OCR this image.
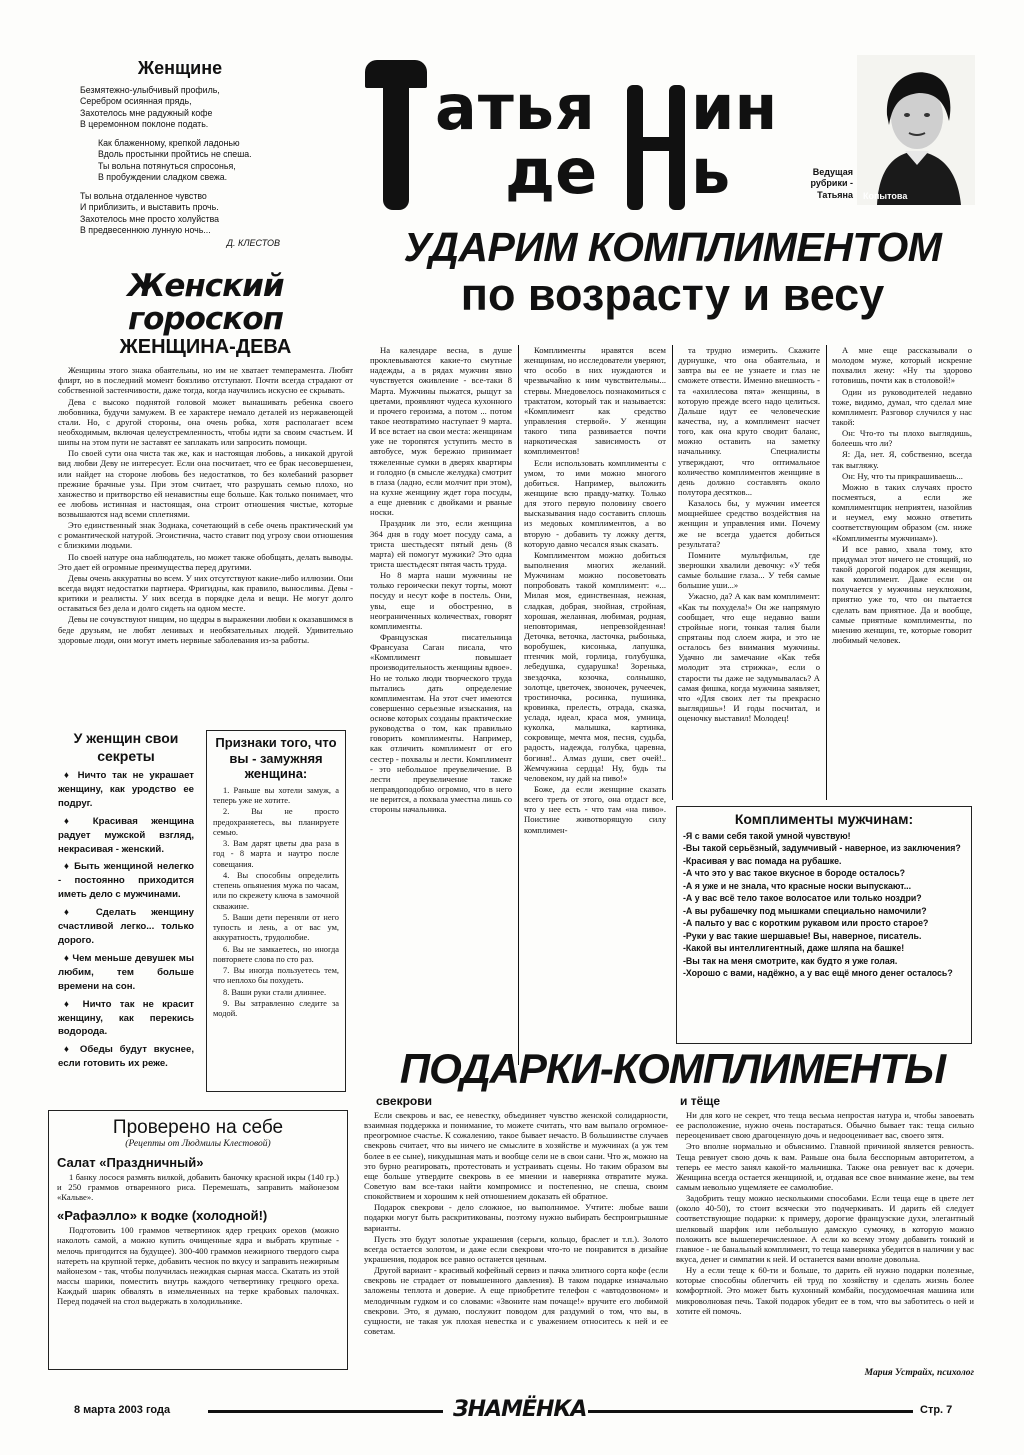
Женщине

Безмятежно-улыбчивый профиль,

Серебром осиянная прядь,

Захотелось мне радужный кофе

В церемонном поклоне подать.

Как блаженному, крепкой ладонью

Вдоль простынки пройтись не спеша.

Ты вольна потянуться спросонья,

В пробуждении сладком свежа.

Ты вольна отдаленное чувство

И приблизить, и выставить прочь.

Захотелось мне просто холуйства

В предвесеннюю лунную ночь...

Д. КЛЕСТОВ
атья ин
де ь	Ведущая
рубрики -
Татьяна Копытова
УДАРИМ КОМПЛИМЕНТОМ
по возрасту и весу
Женский гороскоп
ЖЕНЩИНА-ДЕВА

Женщины этого знака обаятельны, но им не хватает темперамента. Любят флирт, но в последний момент боязливо отступают. Почти всегда страдают от собственной застенчивости, даже тогда, когда научились искусно ее скрывать.

Дева с высоко поднятой головой может вынашивать ребенка своего любовника, будучи замужем. В ее характере немало деталей из нержавеющей стали. Но, с другой стороны, она очень робка, хотя располагает всем необходимым, включая целеустремленность, чтобы идти за своим счастьем. И шипы на этом пути не заставят ее заплакать или запросить помощи.

По своей сути она чиста так же, как и настоящая любовь, а никакой другой вид любви Деву не интересует. Если она посчитает, что ее брак несовершенен, или найдет на стороне любовь без недостатков, то без колебаний разорвет прежние брачные узы. При этом считает, что разрушать семью плохо, но ханжество и притворство ей ненавистны еще больше. Как только понимает, что ее любовь истинная и настоящая, она строит отношения чистые, которые возвышаются над всеми сплетнями.

Это единственный знак Зодиака, сочетающий в себе очень практический ум с романтической натурой. Эгоистична, часто ставит под угрозу свои отношения с близкими людьми.

По своей натуре она наблюдатель, но может также обобщать, делать выводы. Это дает ей огромные преимущества перед другими.

Девы очень аккуратны во всем. У них отсутствуют какие-либо иллюзии. Они всегда видят недостатки партнера. Фригидны, как правило, выносливы. Девы - критики и реалисты. У них всегда в порядке дела и вещи. Не могут долго оставаться без дела и долго сидеть на одном месте.

Девы не сочувствуют нищим, но щедры в выражении любви к оказавшимся в беде друзьям, не любят ленивых и необязательных людей. Удивительно здоровые люди, они могут иметь нервные заболевания из-за работы.

У женщин свои секреты
♦ Ничто так не украшает женщину, как уродство ее подруг.
♦ Красивая женщина радует мужской взгляд, некрасивая - женский.
♦ Быть женщиной нелегко - постоянно приходится иметь дело с мужчинами.
♦ Сделать женщину счастливой легко... только дорого.
♦ Чем меньше девушек мы любим, тем больше времени на сон.
♦ Ничто так не красит женщину, как перекись водорода.
♦ Обеды будут вкуснее, если готовить их реже.
Признаки того, что вы - замужняя женщина:

1. Раньше вы хотели замуж, а теперь уже не хотите.

2. Вы не просто предохраняетесь, вы планируете семью.

3. Вам дарят цветы два раза в год - 8 марта и наутро после совещания.

4. Вы способны определить степень опьянения мужа по часам, или по скрежету ключа в замочной скважине.

5. Ваши дети переняли от него тупость и лень, а от вас ум, аккуратность, трудолюбие.

6. Вы не замкаетесь, но иногда повторяете слова по сто раз.

7. Вы иногда пользуетесь тем, что неплохо бы похудеть.

8. Ваши руки стали длиннее.

9. Вы затравленно следите за модой.

Проверено на себе
(Рецепты от Людмилы Клестовой)
Салат «Праздничный»

1 банку лосося размять вилкой, добавить баночку красной икры (140 гр.) и 250 граммов отваренного риса. Перемешать, заправить майонезом «Кальве».

«Рафаэлло» к водке (холодной!)

Подготовить 100 граммов четвертинок ядер грецких орехов (можно наколоть самой, а можно купить очищенные ядра и выбрать крупные - мелочь пригодится на будущее). 300-400 граммов нежирного твердого сыра натереть на крупной терке, добавить чеснок по вкусу и заправить нежирным майонезом - так, чтобы получилась нежидкая сырная масса. Скатать из этой массы шарики, поместить внутрь каждого четвертинку грецкого ореха. Каждый шарик обвалять в измельченных на терке крабовых палочках. Перед подачей на стол выдержать в холодильнике.

На календаре весна, в душе проклевываются какие-то смутные надежды, а в рядах мужчин явно чувствуется оживление - все-таки 8 Марта. Мужчины пыжатся, рыщут за цветами, проявляют чудеса кухонного и прочего героизма, а потом ... потом такое неотвратимо наступает 9 марта. И все встает на свои места: женщинам уже не торопятся уступить место в автобусе, муж бережно принимает тяжеленные сумки в дверях квартиры и голодно (в смысле желудка) смотрит в глаза (ладно, если молчит при этом), на кухне женщину ждет гора посуды, а еще дневник с двойками и рваные носки.

Праздник ли это, если женщина 364 дня в году моет посуду сама, а триста шестьдесят пятый день (8 марта) ей помогут мужики? Это одна триста шестьдесят пятая часть труда.

Но 8 марта наши мужчины не только героически пекут торты, моют посуду и несут кофе в постель. Они, увы, еще и обостренно, в неограниченных количествах, говорят комплименты.

Французская писательница Франсуаза Саган писала, что «Комплимент повышает производительность женщины вдвое». Но не только люди творческого труда пытались дать определение комплиментам. На этот счет имеются совершенно серьезные изыскания, на основе которых созданы практические руководства о том, как правильно говорить комплименты. Например, как отличить комплимент от его сестер - похвалы и лести. Комплимент - это небольшое преувеличение. В лести преувеличение также неправдоподобно огромно, что в него не верится, а похвала уместна лишь со стороны начальника.

Комплименты нравятся всем женщинам, но исследователи уверяют, что особо в них нуждаются и чрезвычайно к ним чувствительны... стервы. Мнедовелось познакомиться с трактатом, который так и называется: «Комплимент как средство управления стервой». У женщин такого типа развивается почти наркотическая зависимость от комплиментов!

Если использовать комплименты с умом, то ими можно многого добиться. Например, выложить женщине всю правду-матку. Только для этого первую половину своего высказывания надо составить сплошь из медовых комплиментов, а во вторую - добавить ту ложку дегтя, которую давно чесался язык сказать.

Комплиментом можно добиться выполнения многих желаний. Мужчинам можно посоветовать попробовать такой комплимент: «... Милая моя, единственная, нежная, сладкая, добрая, знойная, стройная, хорошая, желанная, любимая, родная, неповторимая, непревзойденная! Деточка, веточка, ласточка, рыбонька, воробушек, кисонька, лапушка, птенчик мой, горлица, голубушка, лебедушка, сударушка! Зоренька, звездочка, козочка, солнышко, золотце, цветочек, звоночек, ручеечек, тростиночка, росинка, пушинка, кровинка, прелесть, отрада, сказка, услада, идеал, краса моя, умница, куколка, малышка, картинка, сокровище, мечта моя, песня, судьба, радость, надежда, голубка, царевна, богиня!.. Алмаз души, свет очей!.. Жемчужина сердца! Ну, будь ты человеком, ну дай на пиво!»

Боже, да если женщине сказать всего треть от этого, она отдаст все, что у нее есть - что там «на пиво». Поистине животворящую силу комплимен-

та трудно измерить. Скажите дурнушке, что она обаятельна, и завтра вы ее не узнаете и глаз не сможете отвести. Именно внешность - та «ахиллесова пята» женщины, в которую прежде всего надо целиться. Дальше идут ее человеческие качества, ну, а комплимент насчет того, как она круто сводит баланс, можно оставить на заметку начальнику. Специалисты утверждают, что оптимальное количество комплиментов женщине в день должно составлять около полутора десятков...

Казалось бы, у мужчин имеется мощнейшее средство воздействия на женщин и управления ими. Почему же не всегда удается добиться результата?

Помните мультфильм, где зверюшки хвалили девочку: «У тебя самые большие глаза... У тебя самые большие уши...»

Ужасно, да? А как вам комплимент: «Как ты похудела!» Он же напрямую сообщает, что еще недавно ваши стройные ноги, тонкая талия были спрятаны под слоем жира, и это не осталось без внимания мужчины. Удачно ли замечание «Как тебя молодит эта стрижка», если о старости ты даже не задумывалась? А самая фишка, когда мужчина заявляет, что «Для своих лет ты прекрасно выглядишь»! И годы посчитал, и оценочку выставил! Молодец!

А мне еще рассказывали о молодом муже, который искренне похвалил жену: «Ну ты здорово готовишь, почти как в столовой!»

Один из руководителей недавно тоже, видимо, думал, что сделал мне комплимент. Разговор случился у нас такой:

Он: Что-то ты плохо выглядишь, болеешь что ли?

Я: Да, нет. Я, собственно, всегда так выгляжу.

Он: Ну, что ты прикрашиваешь...

Можно в таких случаях просто посмеяться, а если же комплиментщик неприятен, назойлив и неумел, ему можно ответить соответствующим образом (см. ниже «Комплименты мужчинам»).

И все равно, хвала тому, кто придумал этот ничего не стоящий, но такой дорогой подарок для женщин, как комплимент. Даже если он получается у мужчины неуклюжим, приятно уже то, что он пытается сделать вам приятное. Да и вообще, самые приятные комплименты, по мнению женщин, те, которые говорит любимый человек.

Комплименты мужчинам:
-Я с вами себя такой умной чувствую!
-Вы такой серьёзный, задумчивый - наверное, из заключения?
-Красивая у вас помада на рубашке.
-А что это у вас такое вкусное в бороде осталось?
-А я уже и не знала, что красные носки выпускают...
-А у вас всё тело такое волосатое или только ноздри?
-А вы рубашечку под мышками специально намочили?
-А пальто у вас с коротким рукавом или просто старое?
-Руки у вас такие шершавые! Вы, наверное, писатель.
-Какой вы интеллигентный, даже шляпа на башке!
-Вы так на меня смотрите, как будто я уже голая.
-Хорошо с вами, надёжно, а у вас ещё много денег осталось?
ПОДАРКИ-КОМПЛИМЕНТЫ
свекрови	и тёще

Если свекровь и вас, ее невестку, объединяет чувство женской солидарности, взаимная поддержка и понимание, то можете считать, что вам выпало огромное-преогромное счастье. К сожалению, такое бывает нечасто. В большинстве случаев свекровь считает, что вы ничего не смыслите в хозяйстве и мужчинах (а уж тем более в ее сыне), никудышная мать и вообще сели не в свои сани. Что ж, можно на это бурно реагировать, протестовать и устраивать сцены. Но таким образом вы еще больше утвердите свекровь в ее мнении и наверняка отвратите мужа. Советую вам все-таки найти компромисс и постепенно, не спеша, своим спокойствием и хорошим к ней отношением доказать ей обратное.

Подарок свекрови - дело сложное, но выполнимое. Учтите: любые ваши подарки могут быть раскритикованы, поэтому нужно выбирать беспроигрышные варианты.

Пусть это будут золотые украшения (серьги, кольцо, браслет и т.п.). Золото всегда остается золотом, и даже если свекрови что-то не понравится в дизайне украшения, подарок все равно останется ценным.

Другой вариант - красивый кофейный сервиз и пачка элитного сорта кофе (если свекровь не страдает от повышенного давления). В таком подарке изначально заложены теплота и доверие. А еще приобретите телефон с «автодозвоном» и мелодичным гудком и со словами: «Звоните нам почаще!» вручите его любимой свекрови. Это, я думаю, послужит поводом для раздумий о том, что вы, в сущности, не такая уж плохая невестка и с уважением относитесь к ней и ее советам.

Ни для кого не секрет, что теща весьма непростая натура и, чтобы завоевать ее расположение, нужно очень постараться. Обычно бывает так: теща сильно переоценивает свою драгоценную дочь и недооценивает вас, своего зятя.

Это вполне нормально и объяснимо. Главной причиной является ревность. Теща ревнует свою дочь к вам. Раньше она была бесспорным авторитетом, а теперь ее место занял какой-то мальчишка. Также она ревнует вас к дочери. Женщина всегда остается женщиной, и, отдавая все свое внимание жене, вы тем самым невольно ущемляете ее самолюбие.

Задобрить тещу можно несколькими способами. Если теща еще в цвете лет (около 40-50), то стоит всячески это подчеркивать. И дарить ей следует соответствующие подарки: к примеру, дорогие французские духи, элегантный шелковый шарфик или небольшую дамскую сумочку, в которую можно положить все вышеперечисленное. А если ко всему этому добавить тонкий и главное - не банальный комплимент, то теща наверняка убедится в наличии у вас вкуса, денег и симпатии к ней. И останется вами вполне довольна.

Ну а если теще к 60-ти и больше, то дарить ей нужно подарки полезные, которые способны облегчить ей труд по хозяйству и сделать жизнь более комфортной. Это может быть кухонный комбайн, посудомоечная машина или микроволновая печь. Такой подарок убедит ее в том, что вы заботитесь о ней и хотите ей помочь.

Мария Устрайх, психолог
8 марта 2003 года	ЗНАМЁНКА	Стр. 7
